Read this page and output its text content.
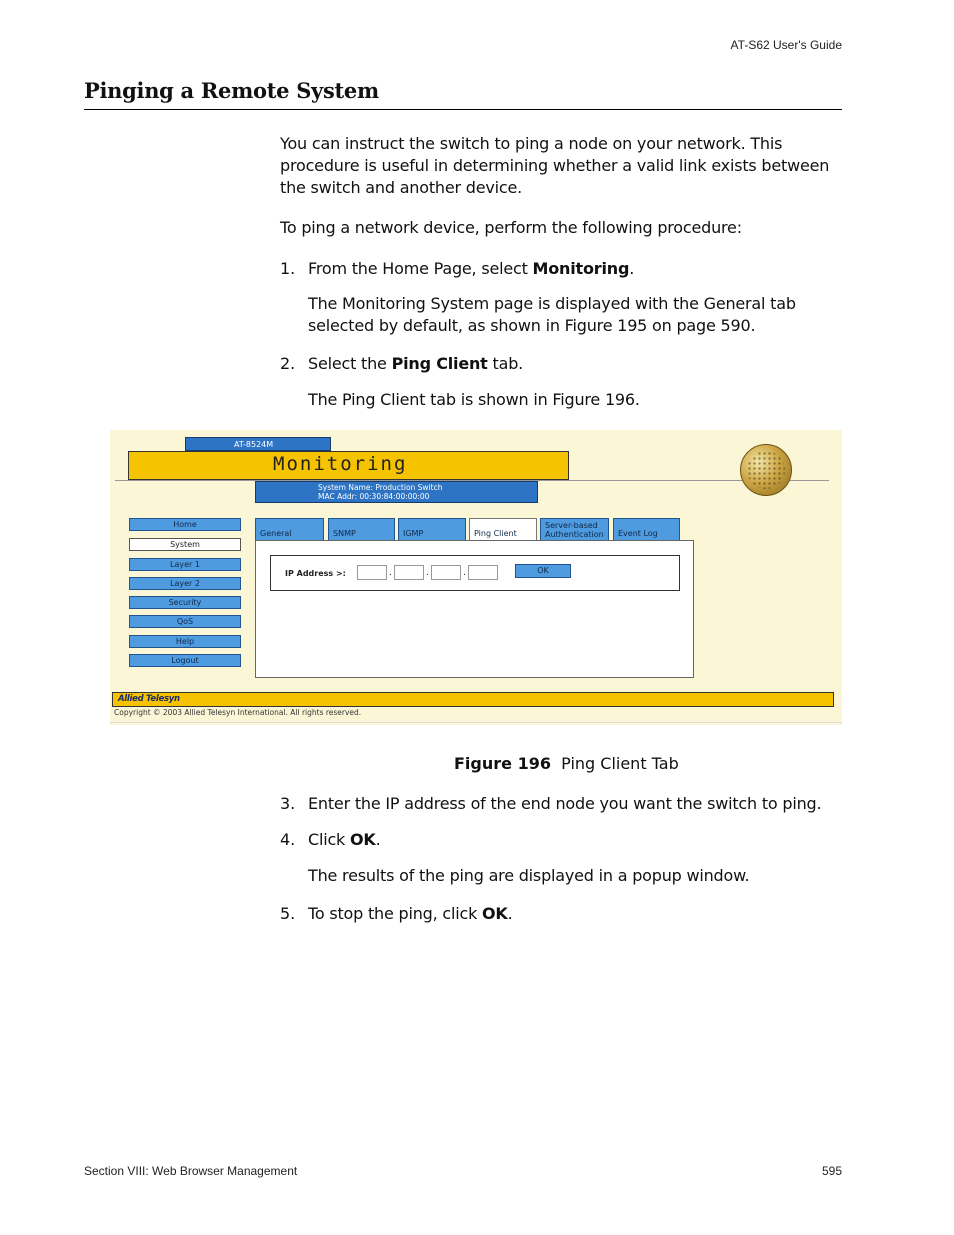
AT-S62 User's Guide
Pinging a Remote System
You can instruct the switch to ping a node on your network. This procedure is useful in determining whether a valid link exists between the switch and another device.
To ping a network device, perform the following procedure:
1. From the Home Page, select Monitoring.
The Monitoring System page is displayed with the General tab selected by default, as shown in Figure 195 on page 590.
2. Select the Ping Client tab.
The Ping Client tab is shown in Figure 196.
AT-8524M
Monitoring
System Name: Production Switch
MAC Addr: 00:30:84:00:00:00
Home
System
Layer 1
Layer 2
Security
QoS
Help
Logout
General	SNMP	IGMP	Ping Client
Server-based
Authentication	Event Log
IP Address >:	.	.	.	OK
Allied Telesyn
Copyright © 2003 Allied Telesyn International. All rights reserved.
Figure 196 Ping Client Tab
3. Enter the IP address of the end node you want the switch to ping.
4. Click OK.
The results of the ping are displayed in a popup window.
5. To stop the ping, click OK.
Section VIII: Web Browser Management	595
